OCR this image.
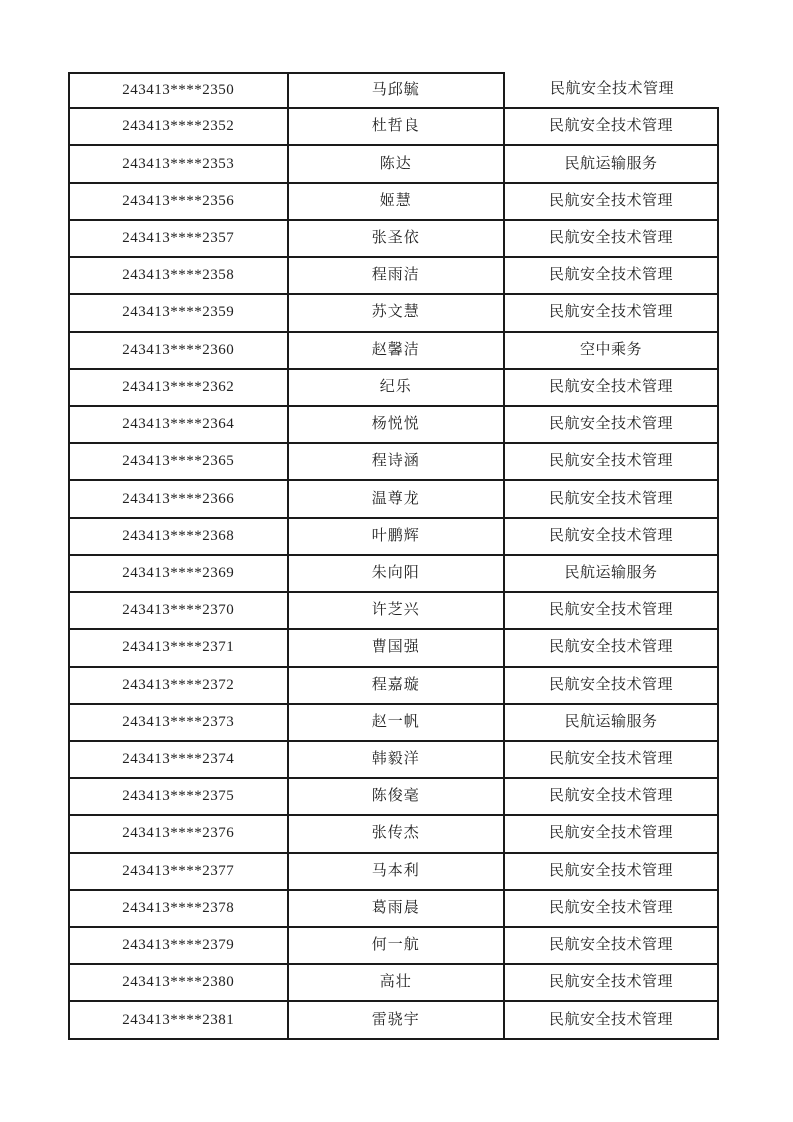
243413****2350	马邱毓	民航安全技术管理
243413****2352	杜哲良	民航安全技术管理
243413****2353	陈达	民航运输服务
243413****2356	姬慧	民航安全技术管理
243413****2357	张圣依	民航安全技术管理
243413****2358	程雨洁	民航安全技术管理
243413****2359	苏文慧	民航安全技术管理
243413****2360	赵馨洁	空中乘务
243413****2362	纪乐	民航安全技术管理
243413****2364	杨悦悦	民航安全技术管理
243413****2365	程诗涵	民航安全技术管理
243413****2366	温尊龙	民航安全技术管理
243413****2368	叶鹏辉	民航安全技术管理
243413****2369	朱向阳	民航运输服务
243413****2370	许芝兴	民航安全技术管理
243413****2371	曹国强	民航安全技术管理
243413****2372	程嘉璇	民航安全技术管理
243413****2373	赵一帆	民航运输服务
243413****2374	韩毅洋	民航安全技术管理
243413****2375	陈俊毫	民航安全技术管理
243413****2376	张传杰	民航安全技术管理
243413****2377	马本利	民航安全技术管理
243413****2378	葛雨晨	民航安全技术管理
243413****2379	何一航	民航安全技术管理
243413****2380	高壮	民航安全技术管理
243413****2381	雷骁宇	民航安全技术管理
